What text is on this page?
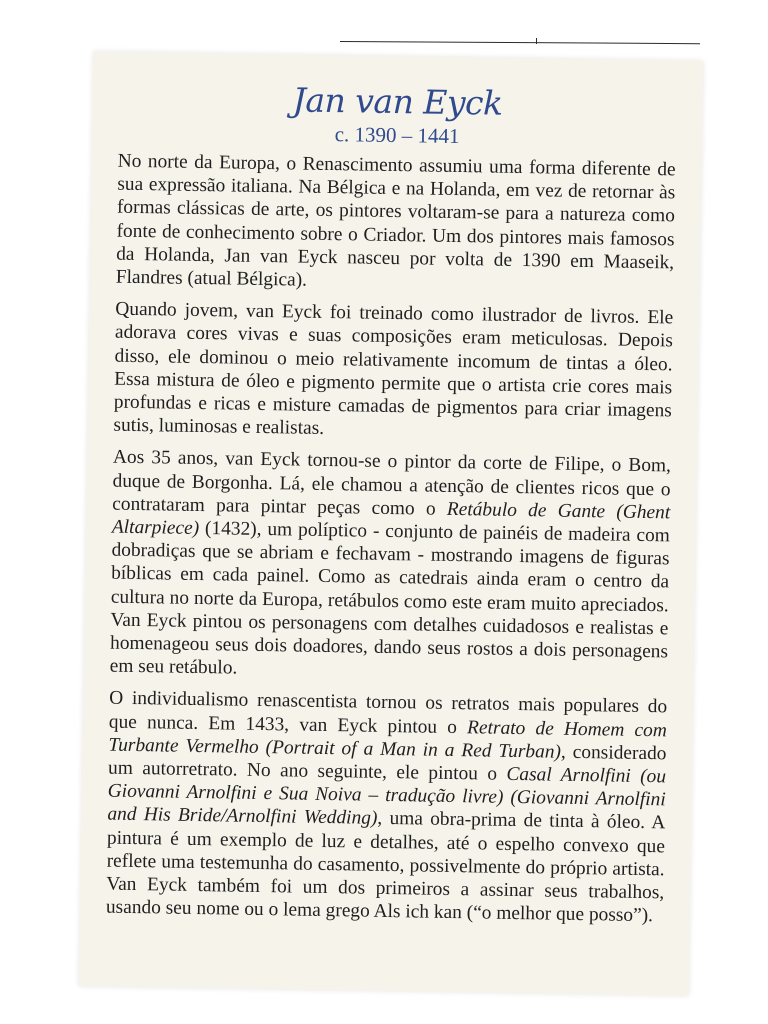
Jan van Eyck
c. 1390 – 1441

No norte da Europa, o Renascimento assumiu uma forma diferente de sua expressão italiana. Na Bélgica e na Holanda, em vez de retornar às formas clássicas de arte, os pintores voltaram-se para a natureza como fonte de conhecimento sobre o Criador. Um dos pintores mais famosos da Holanda, Jan van Eyck nasceu por volta de 1390 em Maaseik, Flandres (atual Bélgica).

Quando jovem, van Eyck foi treinado como ilustrador de livros. Ele adorava cores vivas e suas composições eram meticulosas. Depois disso, ele dominou o meio relativamente incomum de tintas a óleo. Essa mistura de óleo e pigmento permite que o artista crie cores mais profundas e ricas e misture camadas de pigmentos para criar imagens sutis, luminosas e realistas.

Aos 35 anos, van Eyck tornou-se o pintor da corte de Filipe, o Bom, duque de Borgonha. Lá, ele chamou a atenção de clientes ricos que o contrataram para pintar peças como o Retábulo de Gante (Ghent Altarpiece) (1432), um políptico - conjunto de painéis de madeira com dobradiças que se abriam e fechavam - mostrando imagens de figuras bíblicas em cada painel. Como as catedrais ainda eram o centro da cultura no norte da Europa, retábulos como este eram muito apreciados. Van Eyck pintou os personagens com detalhes cuidadosos e realistas e homenageou seus dois doadores, dando seus rostos a dois personagens em seu retábulo.

O individualismo renascentista tornou os retratos mais populares do que nunca. Em 1433, van Eyck pintou o Retrato de Homem com Turbante Vermelho (Portrait of a Man in a Red Turban), considerado um autorretrato. No ano seguinte, ele pintou o Casal Arnolfini (ou Giovanni Arnolfini e Sua Noiva – tradução livre) (Giovanni Arnolfini and His Bride/Arnolfini Wedding), uma obra-prima de tinta à óleo. A pintura é um exemplo de luz e detalhes, até o espelho convexo que reflete uma testemunha do casamento, possivelmente do próprio artista. Van Eyck também foi um dos primeiros a assinar seus trabalhos, usando seu nome ou o lema grego Als ich kan (“o melhor que posso”).
